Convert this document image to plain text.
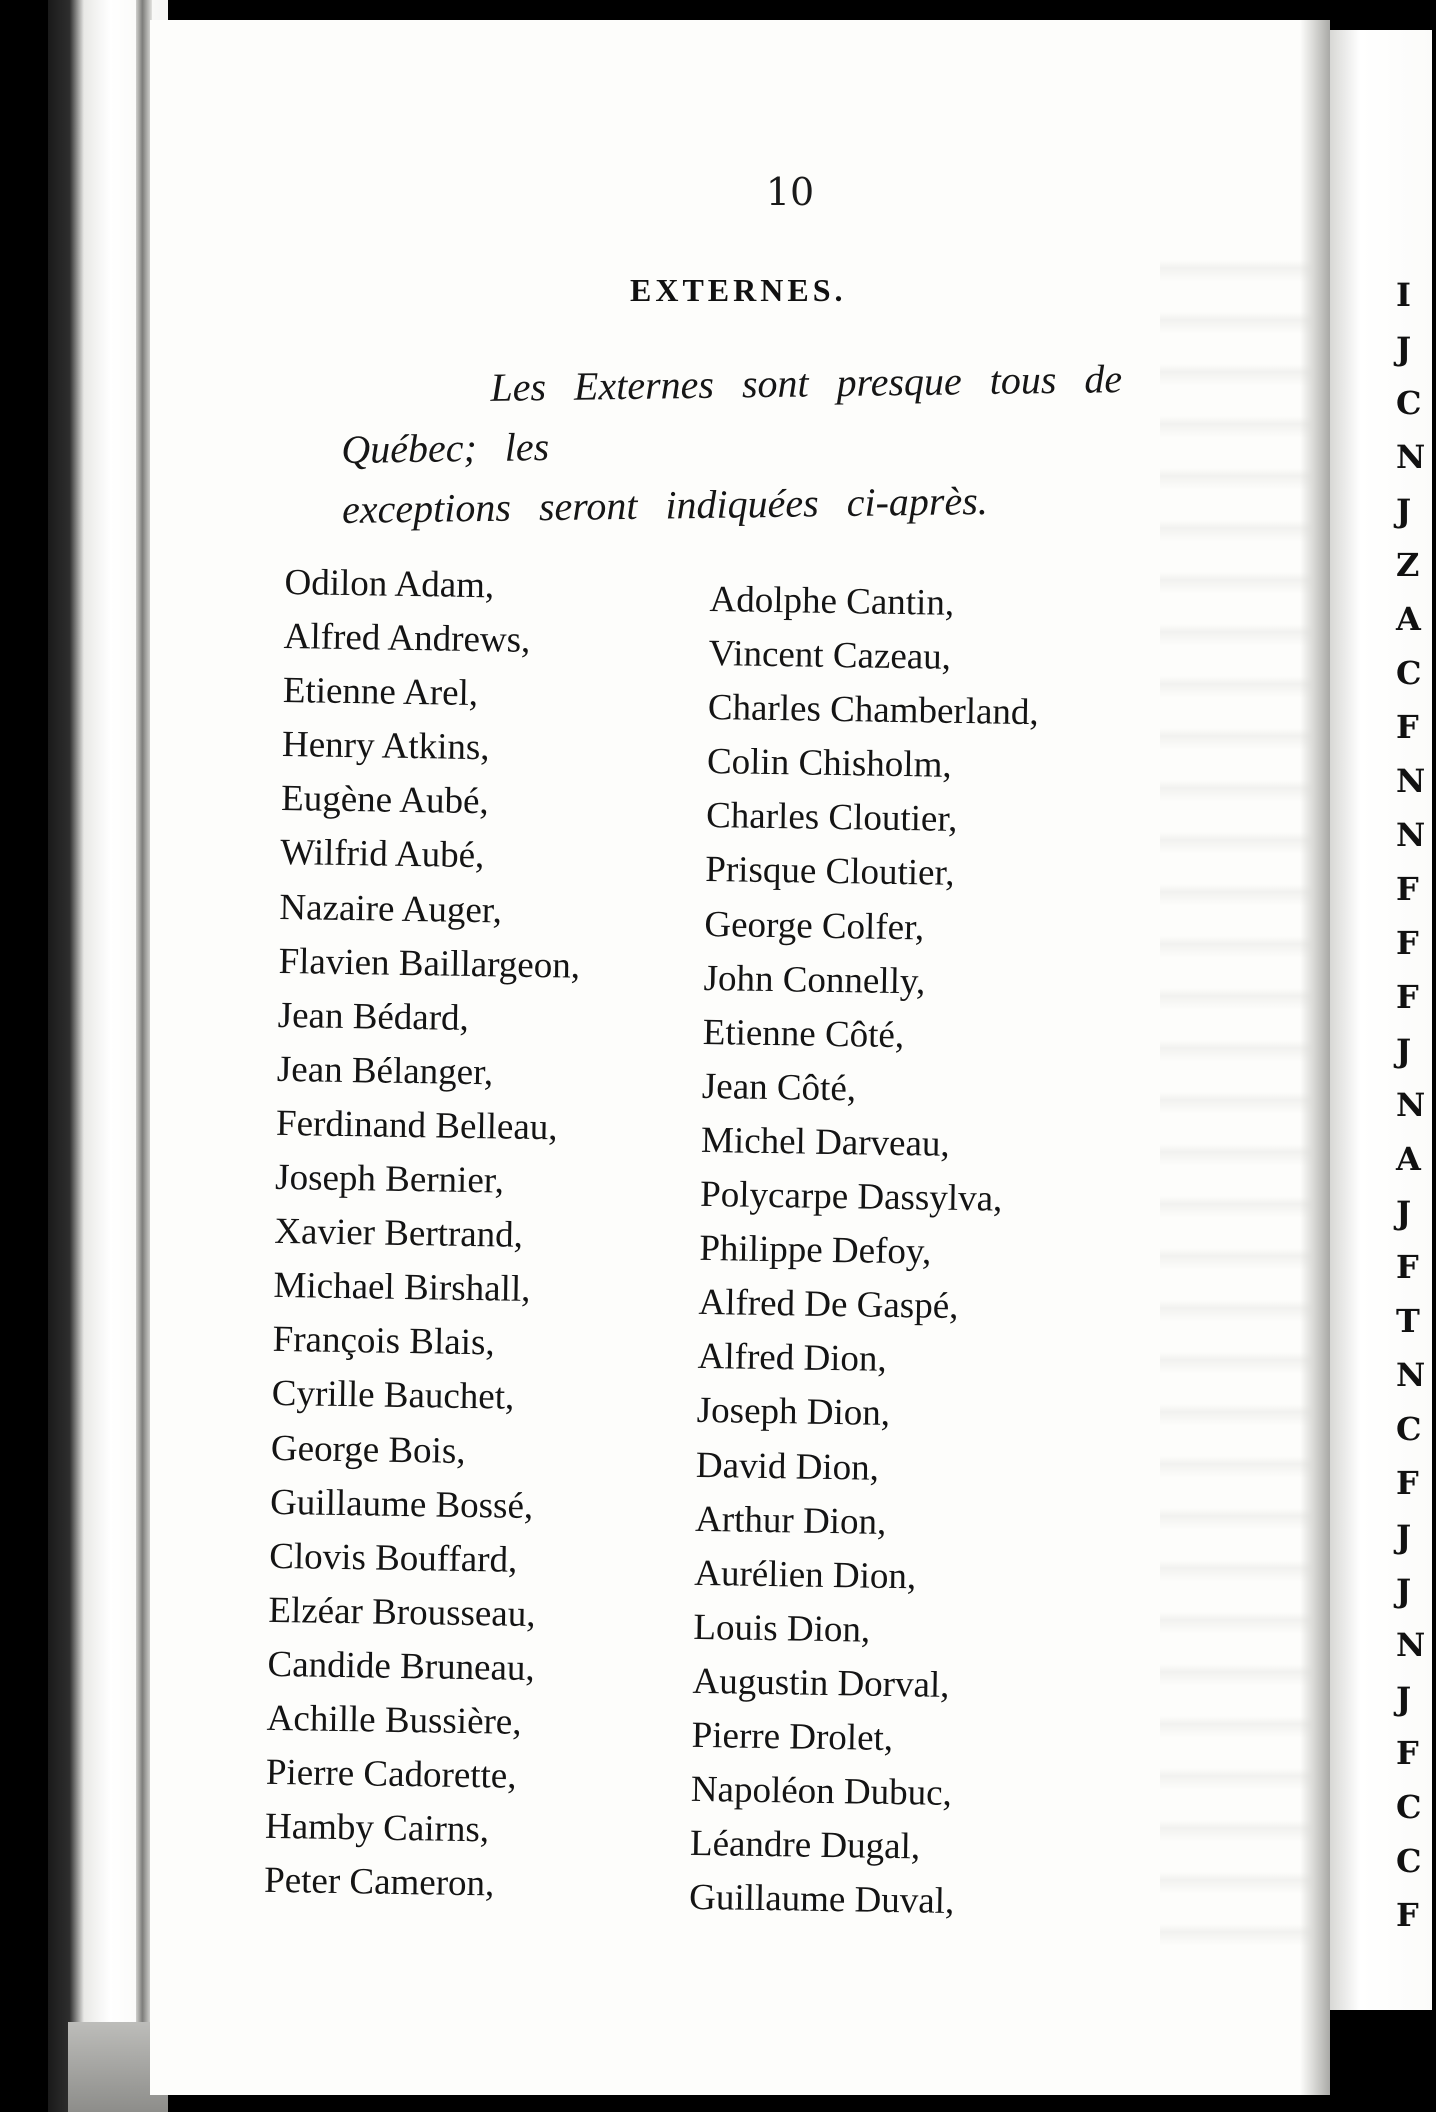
I
J
C
N
J
Z
A
C
F
N
N
F
F
F
J
N
A
J
F
T
N
C
F
J
J
N
J
F
C
C
F
10
EXTERNES.
Les Externes sont presque tous de Québec; les
exceptions seront indiquées ci-après.
Odilon Adam,
Alfred Andrews,
Etienne Arel,
Henry Atkins,
Eugène Aubé,
Wilfrid Aubé,
Nazaire Auger,
Flavien Baillargeon,
Jean Bédard,
Jean Bélanger,
Ferdinand Belleau,
Joseph Bernier,
Xavier Bertrand,
Michael Birshall,
François Blais,
Cyrille Bauchet,
George Bois,
Guillaume Bossé,
Clovis Bouffard,
Elzéar Brousseau,
Candide Bruneau,
Achille Bussière,
Pierre Cadorette,
Hamby Cairns,
Peter Cameron,
Adolphe Cantin,
Vincent Cazeau,
Charles Chamberland,
Colin Chisholm,
Charles Cloutier,
Prisque Cloutier,
George Colfer,
John Connelly,
Etienne Côté,
Jean Côté,
Michel Darveau,
Polycarpe Dassylva,
Philippe Defoy,
Alfred De Gaspé,
Alfred Dion,
Joseph Dion,
David Dion,
Arthur Dion,
Aurélien Dion,
Louis Dion,
Augustin Dorval,
Pierre Drolet,
Napoléon Dubuc,
Léandre Dugal,
Guillaume Duval,
